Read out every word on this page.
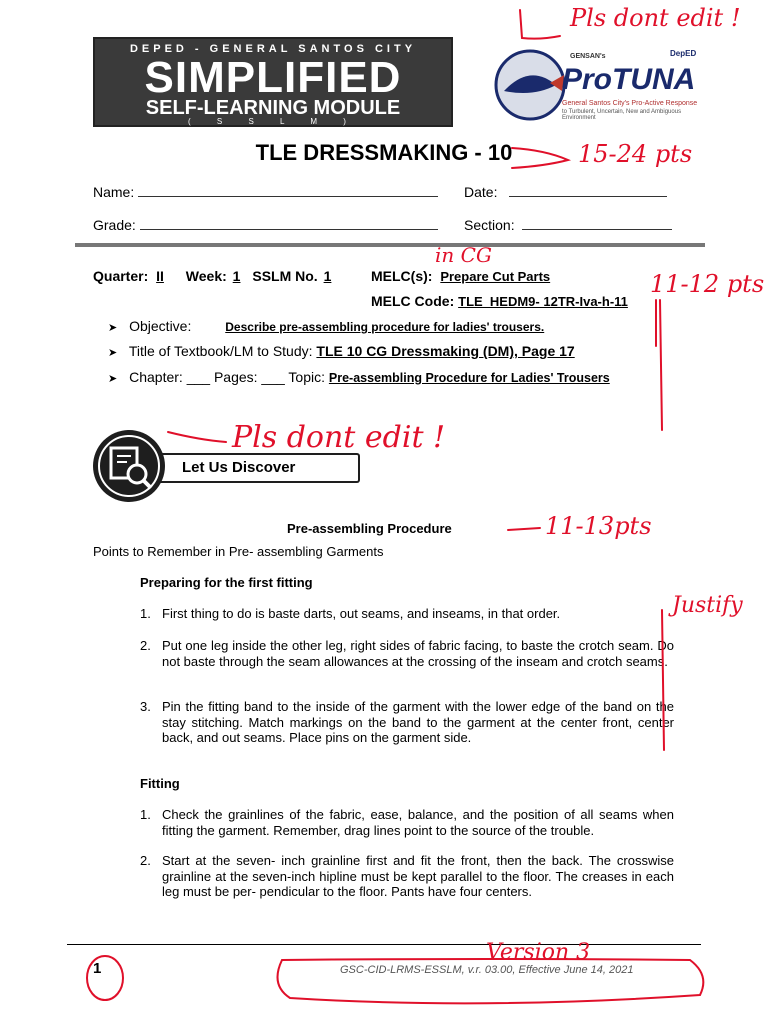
DEPED - GENERAL SANTOS CITY
SIMPLIFIED
SELF-LEARNING MODULE
( S S L M )
GENSAN's	DepED
ProTUNA
General Santos City's Pro-Active Response
to Turbulent, Uncertain, New and Ambiguous Environment
TLE DRESSMAKING - 10
Name:	Date:
Grade:	Section:
Quarter: II Week: 1 SSLM No. 1	MELC(s): Prepare Cut Parts
MELC Code: TLE_HEDM9- 12TR-Iva-h-11
➤ Objective:	Describe pre-assembling procedure for ladies' trousers.
➤ Title of Textbook/LM to Study: TLE 10 CG Dressmaking (DM), Page 17
➤ Chapter: ___ Pages: ___ Topic: Pre-assembling Procedure for Ladies' Trousers
Let Us Discover
Pre-assembling Procedure
Points to Remember in Pre- assembling Garments
Preparing for the first fitting
1. First thing to do is baste darts, out seams, and inseams, in that order.
2. Put one leg inside the other leg, right sides of fabric facing, to baste the crotch seam. Do not baste through the seam allowances at the crossing of the inseam and crotch seams.
3. Pin the fitting band to the inside of the garment with the lower edge of the band on the stay stitching. Match markings on the band to the garment at the center front, center back, and out seams. Place pins on the garment side.
Fitting
1. Check the grainlines of the fabric, ease, balance, and the position of all seams when fitting the garment. Remember, drag lines point to the source of the trouble.
2. Start at the seven- inch grainline first and fit the front, then the back. The crosswise grainline at the seven-inch hipline must be kept parallel to the floor. The creases in each leg must be per- pendicular to the floor. Pants have four centers.
1	GSC-CID-LRMS-ESSLM, v.r. 03.00, Effective June 14, 2021
Pls dont edit !
15-24 pts
in CG
11-12 pts
Pls dont edit !
11-13pts
Justify
Version 3
